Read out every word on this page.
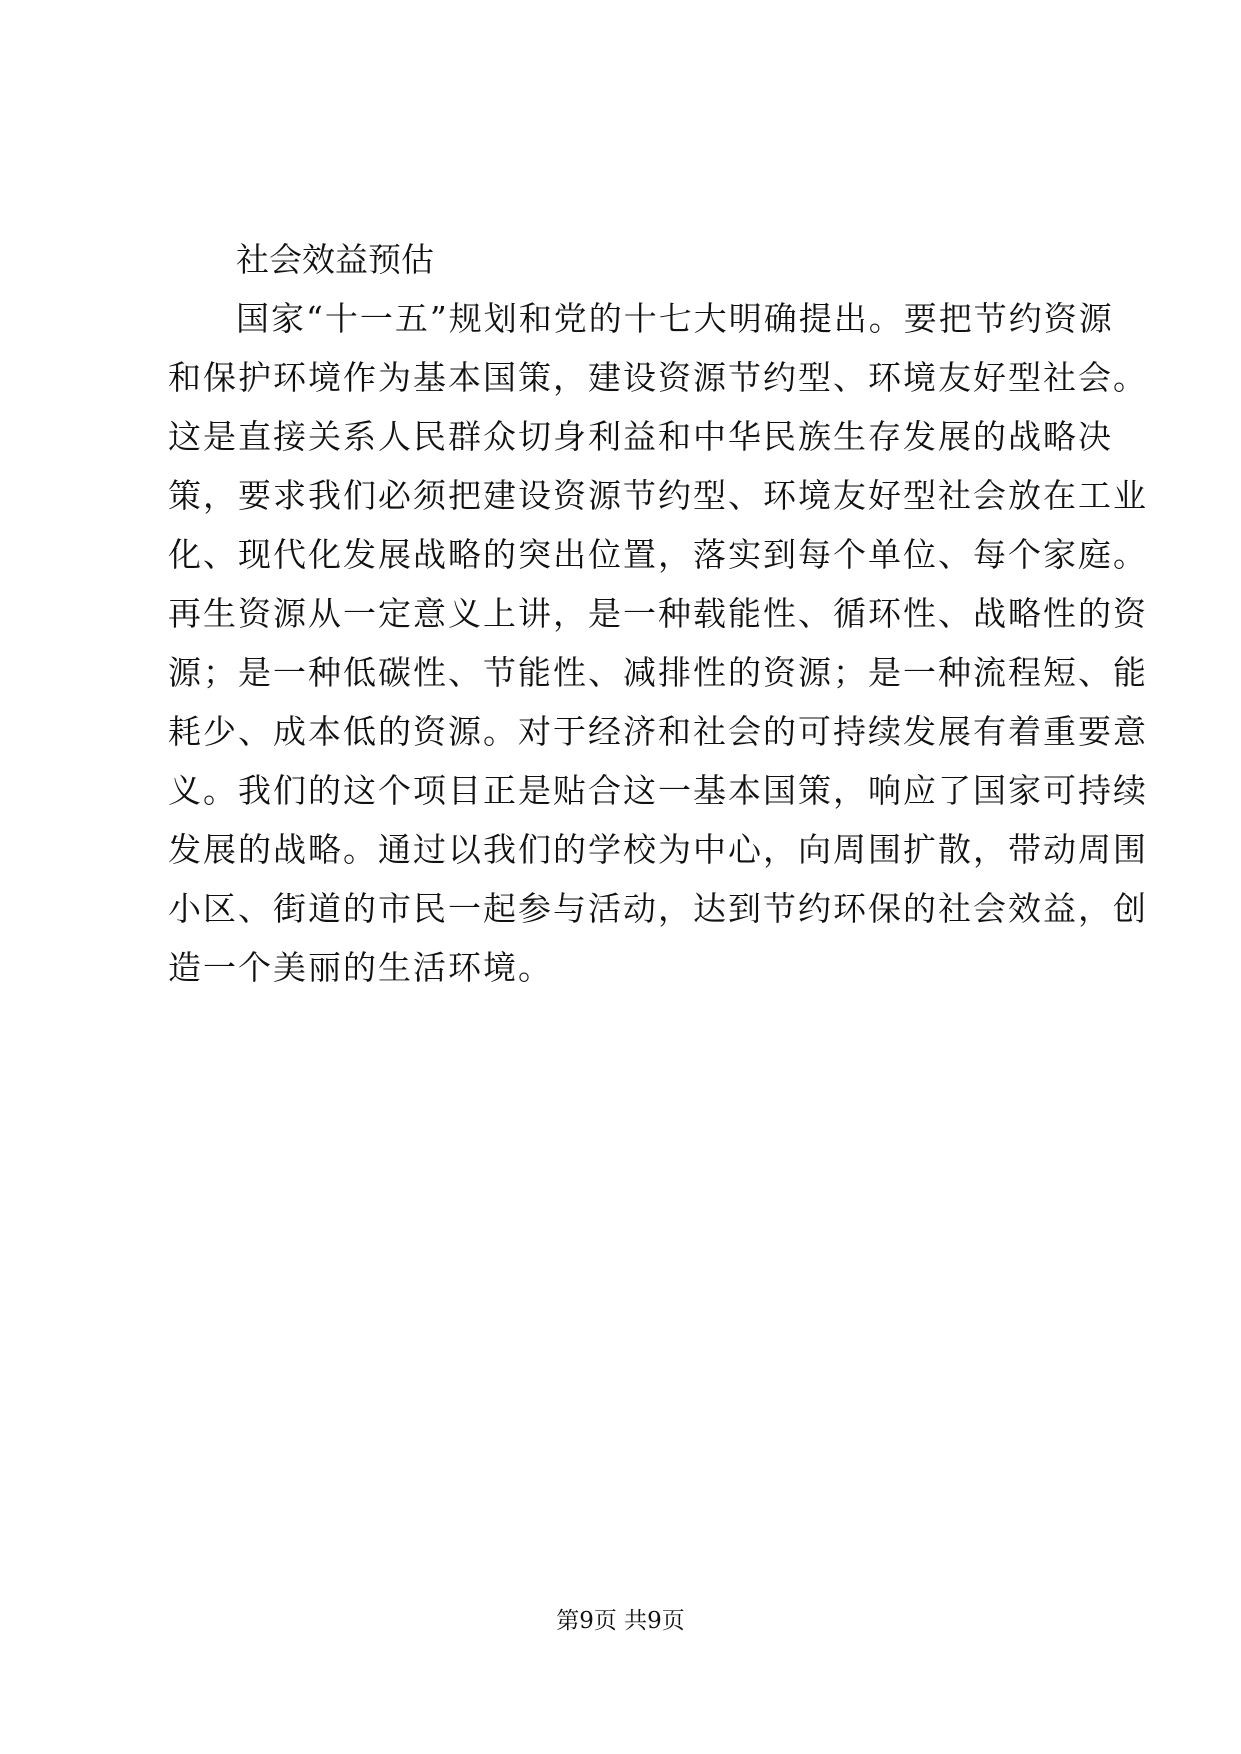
社会效益预估
国家“十一五”规划和党的十七大明确提出。要把节约资源
和保护环境作为基本国策，建设资源节约型、环境友好型社会。
这是直接关系人民群众切身利益和中华民族生存发展的战略决
策，要求我们必须把建设资源节约型、环境友好型社会放在工业
化、现代化发展战略的突出位置，落实到每个单位、每个家庭。
再生资源从一定意义上讲，是一种载能性、循环性、战略性的资
源；是一种低碳性、节能性、减排性的资源；是一种流程短、能
耗少、成本低的资源。对于经济和社会的可持续发展有着重要意
义。我们的这个项目正是贴合这一基本国策，响应了国家可持续
发展的战略。通过以我们的学校为中心，向周围扩散，带动周围
小区、街道的市民一起参与活动，达到节约环保的社会效益，创
造一个美丽的生活环境。
第9页 共9页
